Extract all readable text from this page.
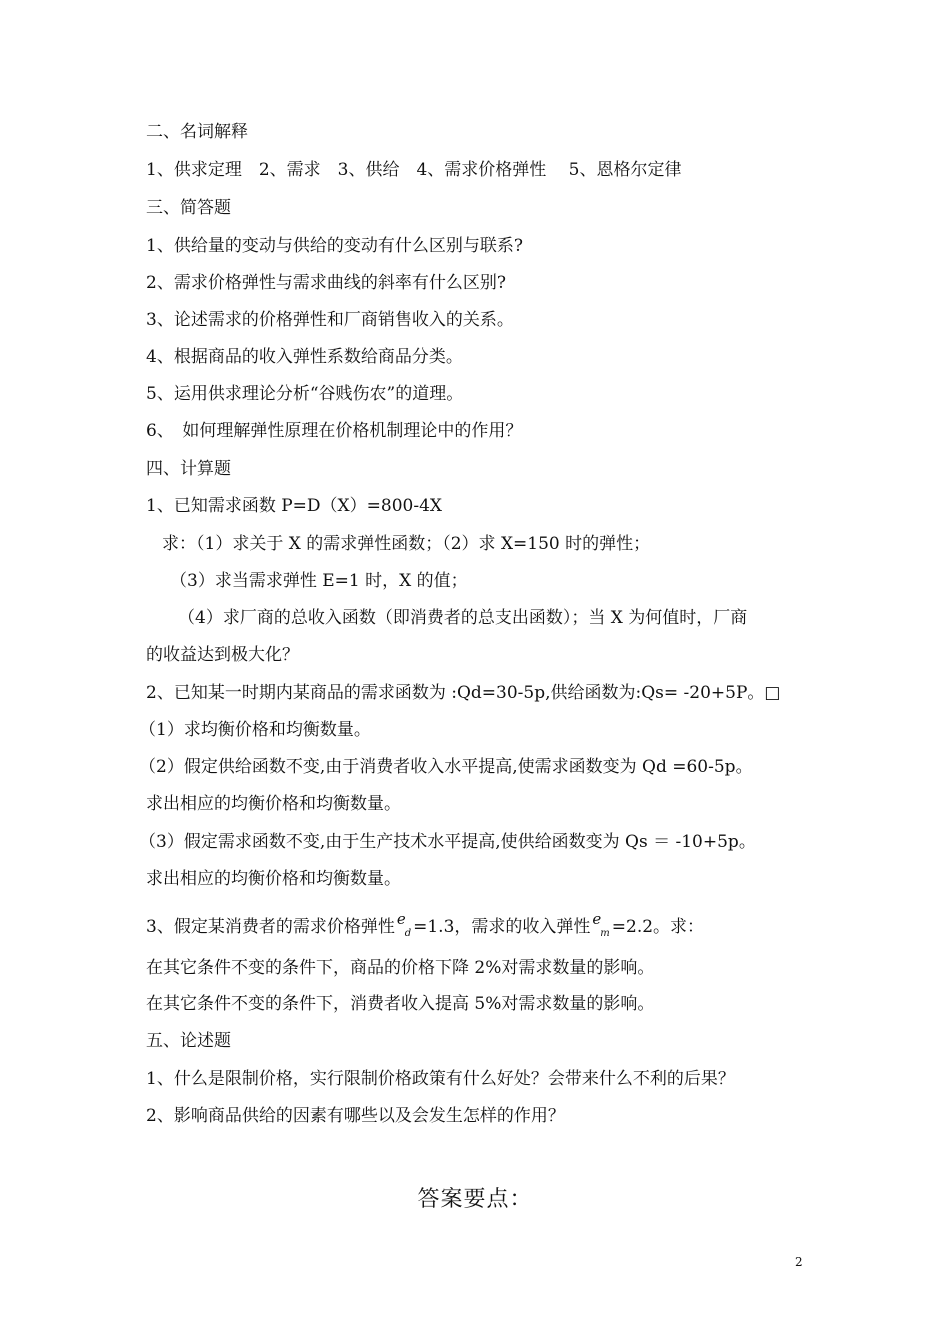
二、名词解释
1、供求定理　2、需求　3、供给　4、需求价格弹性　 5、恩格尔定律
三、简答题
1、供给量的变动与供给的变动有什么区别与联系?
2、需求价格弹性与需求曲线的斜率有什么区别?
3、论述需求的价格弹性和厂商销售收入的关系。
4、根据商品的收入弹性系数给商品分类。
5、运用供求理论分析“谷贱伤农”的道理。
6、　如何理解弹性原理在价格机制理论中的作用？
四、计算题
1、已知需求函数 P=D（X）=800-4X
求：（1）求关于 X 的需求弹性函数；（2）求 X=150 时的弹性；
（3）求当需求弹性 E=1 时，X 的值；
（4）求厂商的总收入函数（即消费者的总支出函数）；当 X 为何值时，厂商
的收益达到极大化？
2、已知某一时期内某商品的需求函数为 :Qd=30-5p,供给函数为:Qs= -20+5P。□
（1）求均衡价格和均衡数量。
（2）假定供给函数不变,由于消费者收入水平提高,使需求函数变为 Qd =60-5p。
求出相应的均衡价格和均衡数量。
（3）假定需求函数不变,由于生产技术水平提高,使供给函数变为 Qs ＝ -10+5p。
求出相应的均衡价格和均衡数量。
3、假定某消费者的需求价格弹性 $e_d =1.3$，需求的收入弹性 $e_m =2.2$。求：
在其它条件不变的条件下，商品的价格下降 2%对需求数量的影响。
在其它条件不变的条件下，消费者收入提高 5%对需求数量的影响。
五、论述题
1、什么是限制价格，实行限制价格政策有什么好处？会带来什么不利的后果？
2、影响商品供给的因素有哪些以及会发生怎样的作用？
答案要点：
2
